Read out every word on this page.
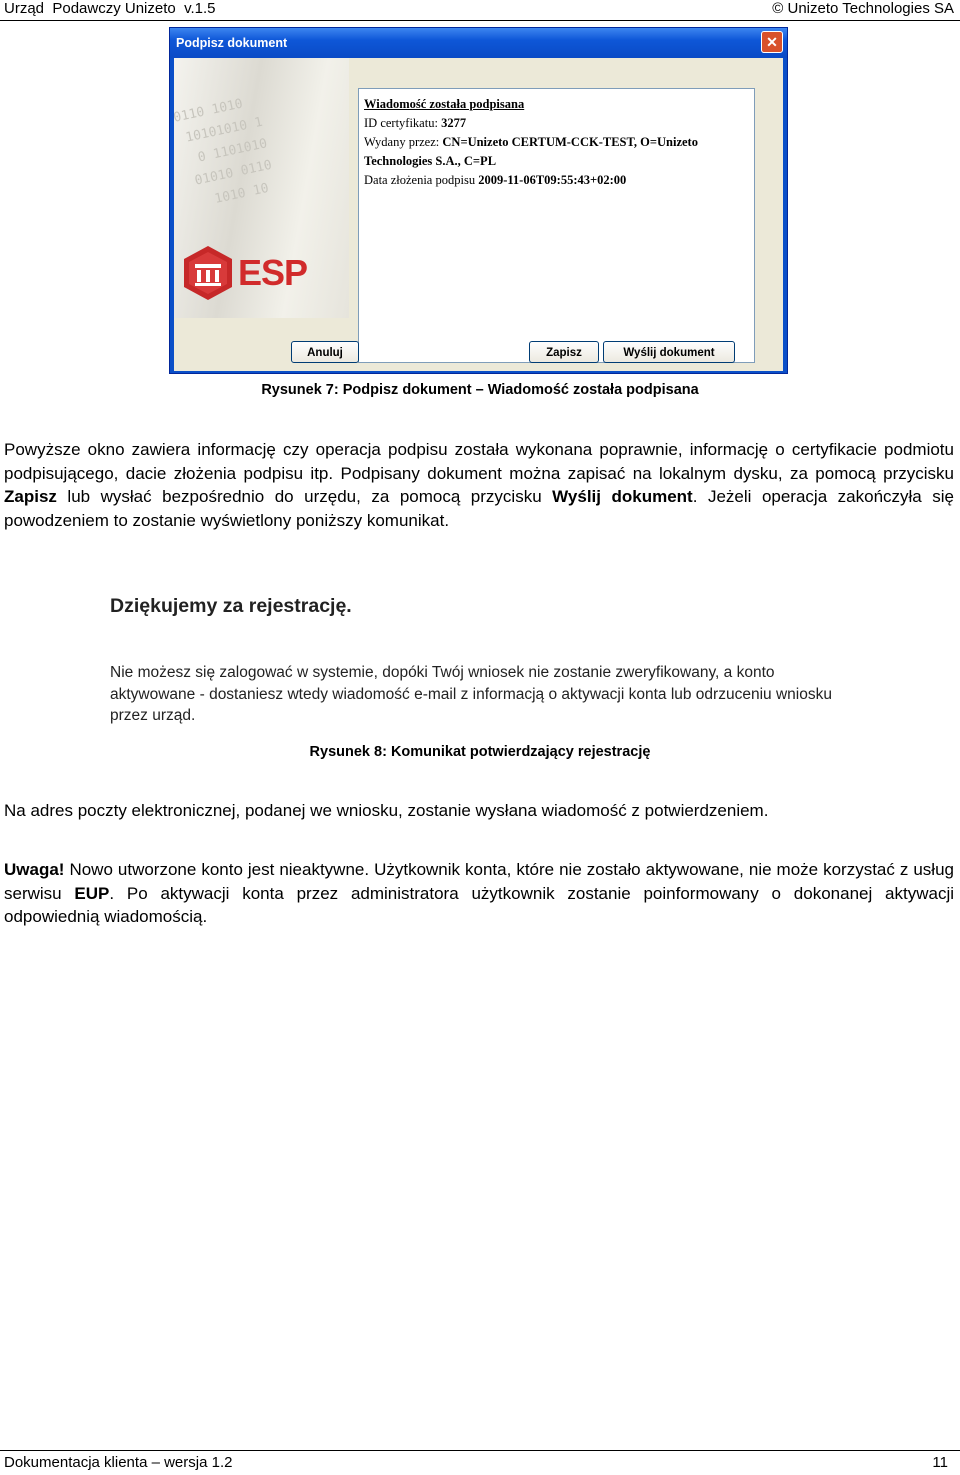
Urząd  Podawczy Unizeto  v.1.5	© Unizeto Technologies SA
Podpisz dokument	✕
0110 1010
10101010 1
0 1101010
01010 0110
1010 10
ESP
Wiadomość została podpisana
ID certyfikatu: 3277
Wydany przez: CN=Unizeto CERTUM-CCK-TEST, O=Unizeto
Technologies S.A., C=PL
Data złożenia podpisu 2009-11-06T09:55:43+02:00
Anuluj	Zapisz	Wyślij dokument
Rysunek 7: Podpisz dokument – Wiadomość została podpisana

Powyższe okno zawiera informację czy operacja podpisu została wykonana poprawnie, informację o certyfikacie podmiotu podpisującego, dacie złożenia podpisu itp. Podpisany dokument można zapisać na lokalnym dysku, za pomocą przycisku Zapisz lub wysłać bezpośrednio do urzędu, za pomocą przycisku Wyślij dokument. Jeżeli operacja zakończyła się powodzeniem to zostanie wyświetlony poniższy komunikat.

Dziękujemy za rejestrację.
Nie możesz się zalogować w systemie, dopóki Twój wniosek nie zostanie zweryfikowany, a konto aktywowane - dostaniesz wtedy wiadomość e-mail z informacją o aktywacji konta lub odrzuceniu wniosku przez urząd.
Rysunek 8: Komunikat potwierdzający rejestrację

Na adres poczty elektronicznej, podanej we wniosku, zostanie wysłana wiadomość z potwierdzeniem.

Uwaga! Nowo utworzone konto jest nieaktywne. Użytkownik konta, które nie zostało aktywowane, nie może korzystać z usług serwisu EUP. Po aktywacji konta przez administratora użytkownik zostanie poinformowany o dokonanej aktywacji odpowiednią wiadomością.

Dokumentacja klienta – wersja 1.2	11
